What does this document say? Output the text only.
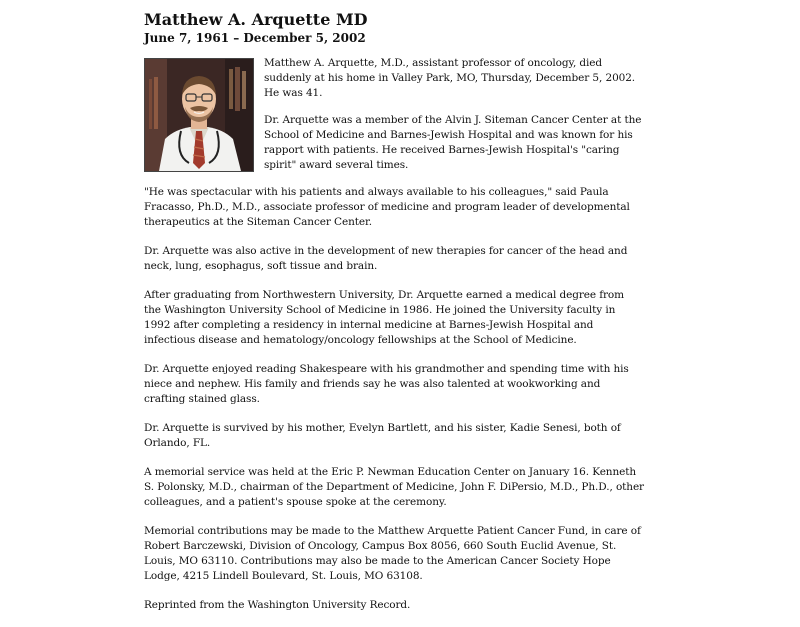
Matthew A. Arquette MD
June 7, 1961 – December 5, 2002

Matthew A. Arquette, M.D., assistant professor of oncology, died suddenly at his home in Valley Park, MO, Thursday, December 5, 2002. He was 41.

Dr. Arquette was a member of the Alvin J. Siteman Cancer Center at the School of Medicine and Barnes-Jewish Hospital and was known for his rapport with patients. He received Barnes-Jewish Hospital's "caring spirit" award several times.

"He was spectacular with his patients and always available to his colleagues," said Paula Fracasso, Ph.D., M.D., associate professor of medicine and program leader of developmental therapeutics at the Siteman Cancer Center.

Dr. Arquette was also active in the development of new therapies for cancer of the head and neck, lung, esophagus, soft tissue and brain.

After graduating from Northwestern University, Dr. Arquette earned a medical degree from the Washington University School of Medicine in 1986. He joined the University faculty in 1992 after completing a residency in internal medicine at Barnes-Jewish Hospital and infectious disease and hematology/oncology fellowships at the School of Medicine.

Dr. Arquette enjoyed reading Shakespeare with his grandmother and spending time with his niece and nephew. His family and friends say he was also talented at wookworking and crafting stained glass.

Dr. Arquette is survived by his mother, Evelyn Bartlett, and his sister, Kadie Senesi, both of Orlando, FL.

A memorial service was held at the Eric P. Newman Education Center on January 16. Kenneth S. Polonsky, M.D., chairman of the Department of Medicine, John F. DiPersio, M.D., Ph.D., other colleagues, and a patient's spouse spoke at the ceremony.

Memorial contributions may be made to the Matthew Arquette Patient Cancer Fund, in care of Robert Barczewski, Division of Oncology, Campus Box 8056, 660 South Euclid Avenue, St. Louis, MO 63110. Contributions may also be made to the American Cancer Society Hope Lodge, 4215 Lindell Boulevard, St. Louis, MO 63108.

Reprinted from the Washington University Record.
